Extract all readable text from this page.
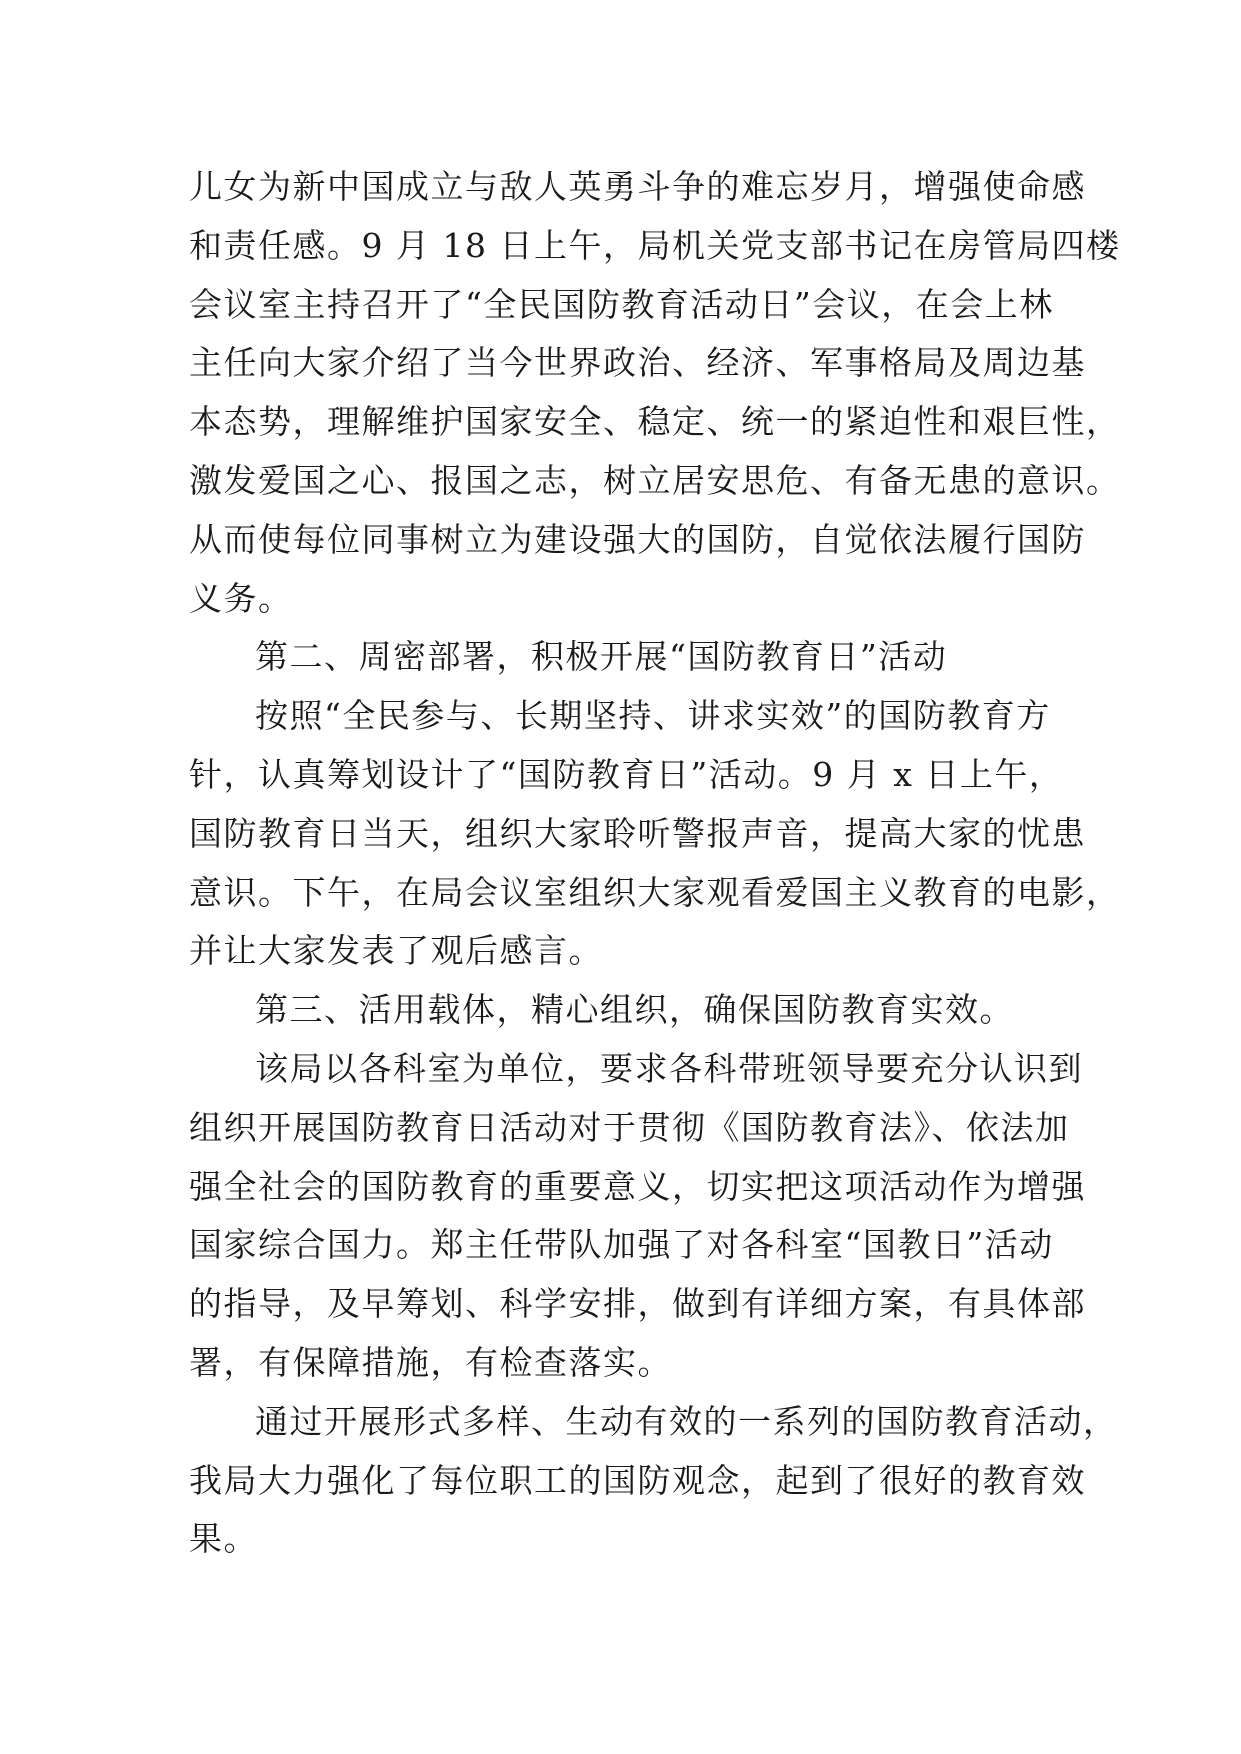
儿女为新中国成立与敌人英勇斗争的难忘岁月，增强使命感
和责任感。9 月 18 日上午，局机关党支部书记在房管局四楼
会议室主持召开了“全民国防教育活动日”会议，在会上林
主任向大家介绍了当今世界政治、经济、军事格局及周边基
本态势，理解维护国家安全、稳定、统一的紧迫性和艰巨性，
激发爱国之心、报国之志，树立居安思危、有备无患的意识。
从而使每位同事树立为建设强大的国防，自觉依法履行国防
义务。
第二、周密部署，积极开展“国防教育日”活动
按照“全民参与、长期坚持、讲求实效”的国防教育方
针，认真筹划设计了“国防教育日”活动。9 月 x 日上午，
国防教育日当天，组织大家聆听警报声音，提高大家的忧患
意识。下午，在局会议室组织大家观看爱国主义教育的电影，
并让大家发表了观后感言。
第三、活用载体，精心组织，确保国防教育实效。
该局以各科室为单位，要求各科带班领导要充分认识到
组织开展国防教育日活动对于贯彻《国防教育法》、依法加
强全社会的国防教育的重要意义，切实把这项活动作为增强
国家综合国力。郑主任带队加强了对各科室“国教日”活动
的指导，及早筹划、科学安排，做到有详细方案，有具体部
署，有保障措施，有检查落实。
通过开展形式多样、生动有效的一系列的国防教育活动，
我局大力强化了每位职工的国防观念，起到了很好的教育效
果。
